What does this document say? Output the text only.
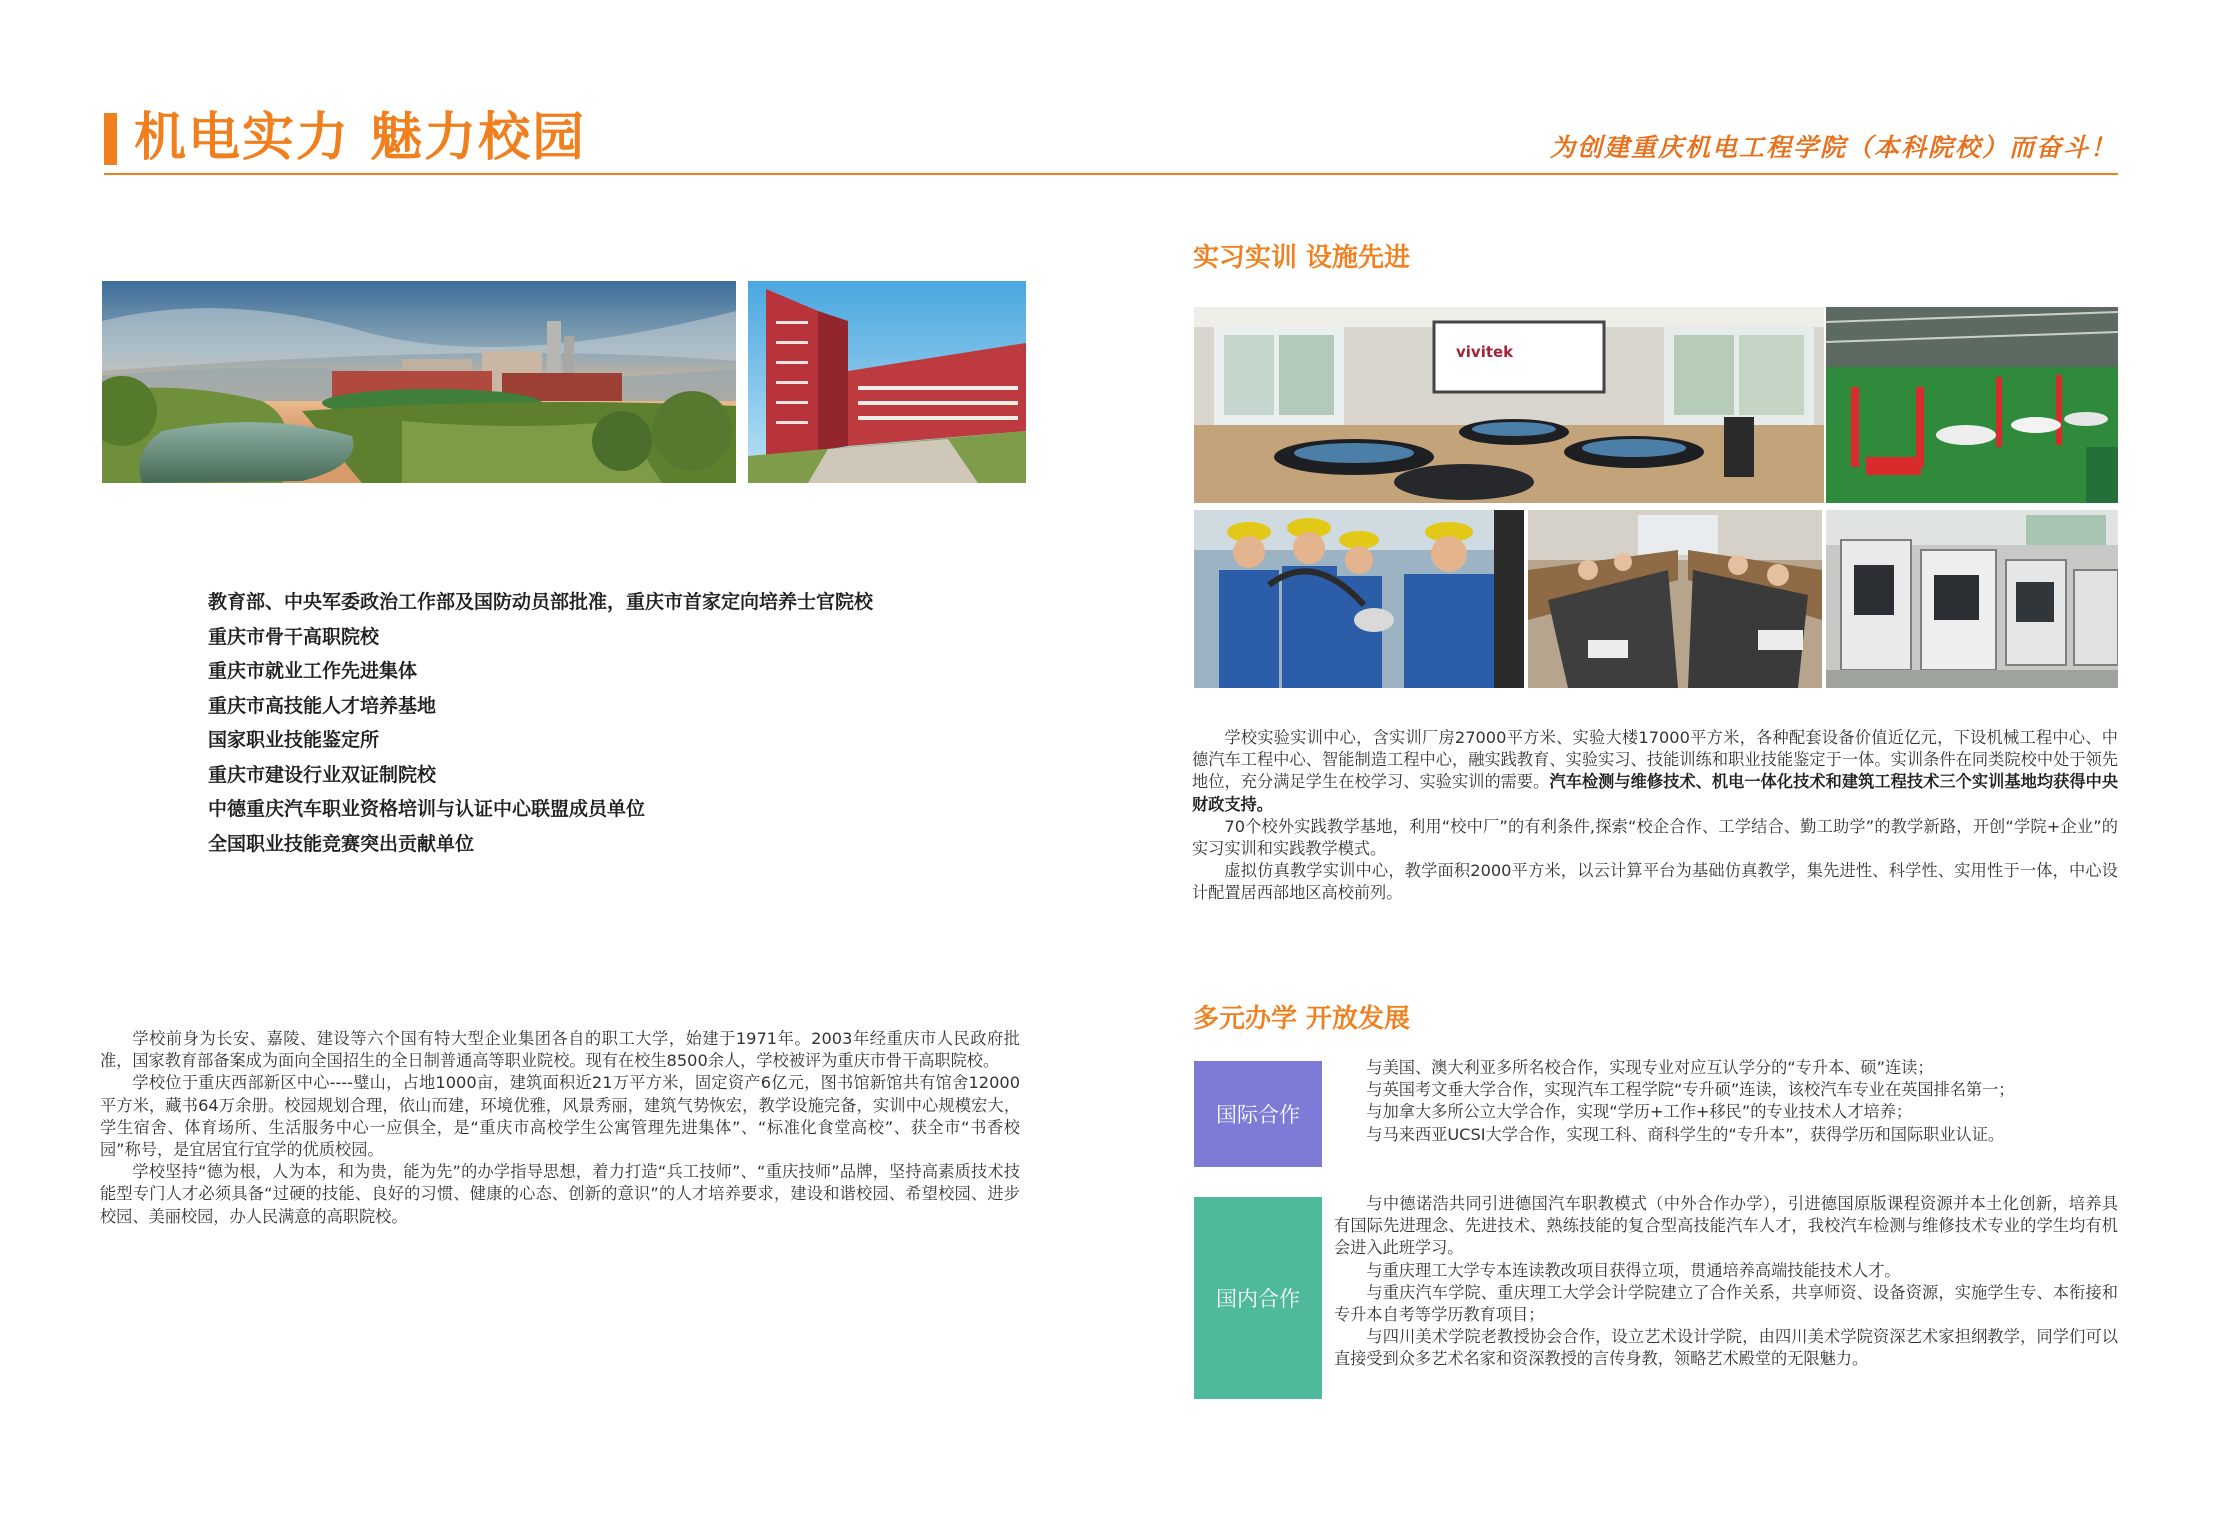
机电实力 魅力校园	为创建重庆机电工程学院（本科院校）而奋斗！
教育部、中央军委政治工作部及国防动员部批准，重庆市首家定向培养士官院校
重庆市骨干高职院校
重庆市就业工作先进集体
重庆市高技能人才培养基地
国家职业技能鉴定所
重庆市建设行业双证制院校
中德重庆汽车职业资格培训与认证中心联盟成员单位
全国职业技能竞赛突出贡献单位

学校前身为长安、嘉陵、建设等六个国有特大型企业集团各自的职工大学，始建于1971年。2003年经重庆市人民政府批准，国家教育部备案成为面向全国招生的全日制普通高等职业院校。现有在校生8500余人，学校被评为重庆市骨干高职院校。

学校位于重庆西部新区中心----璧山，占地1000亩，建筑面积近21万平方米，固定资产6亿元，图书馆新馆共有馆舍12000平方米，藏书64万余册。校园规划合理，依山而建，环境优雅，风景秀丽，建筑气势恢宏，教学设施完备，实训中心规模宏大，学生宿舍、体育场所、生活服务中心一应俱全，是“重庆市高校学生公寓管理先进集体”、“标准化食堂高校”、获全市“书香校园”称号，是宜居宜行宜学的优质校园。

学校坚持“德为根，人为本，和为贵，能为先”的办学指导思想，着力打造“兵工技师”、“重庆技师”品牌，坚持高素质技术技能型专门人才必须具备“过硬的技能、良好的习惯、健康的心态、创新的意识”的人才培养要求，建设和谐校园、希望校园、进步校园、美丽校园，办人民满意的高职院校。

实习实训 设施先进
vivitek

学校实验实训中心，含实训厂房27000平方米、实验大楼17000平方米，各种配套设备价值近亿元，下设机械工程中心、中德汽车工程中心、智能制造工程中心，融实践教育、实验实习、技能训练和职业技能鉴定于一体。实训条件在同类院校中处于领先地位，充分满足学生在校学习、实验实训的需要。汽车检测与维修技术、机电一体化技术和建筑工程技术三个实训基地均获得中央财政支持。

70个校外实践教学基地，利用“校中厂”的有利条件,探索“校企合作、工学结合、勤工助学”的教学新路，开创“学院+企业”的实习实训和实践教学模式。

虚拟仿真教学实训中心，教学面积2000平方米，以云计算平台为基础仿真教学，集先进性、科学性、实用性于一体，中心设计配置居西部地区高校前列。

多元办学 开放发展
国际合作

与美国、澳大利亚多所名校合作，实现专业对应互认学分的“专升本、硕”连读；

与英国考文垂大学合作，实现汽车工程学院“专升硕”连读，该校汽车专业在英国排名第一；

与加拿大多所公立大学合作，实现“学历+工作+移民”的专业技术人才培养；

与马来西亚UCSI大学合作，实现工科、商科学生的“专升本”，获得学历和国际职业认证。

国内合作

与中德诺浩共同引进德国汽车职教模式（中外合作办学），引进德国原版课程资源并本土化创新，培养具有国际先进理念、先进技术、熟练技能的复合型高技能汽车人才，我校汽车检测与维修技术专业的学生均有机会进入此班学习。

与重庆理工大学专本连读教改项目获得立项，贯通培养高端技能技术人才。

与重庆汽车学院、重庆理工大学会计学院建立了合作关系，共享师资、设备资源，实施学生专、本衔接和专升本自考等学历教育项目；

与四川美术学院老教授协会合作，设立艺术设计学院，由四川美术学院资深艺术家担纲教学，同学们可以直接受到众多艺术名家和资深教授的言传身教，领略艺术殿堂的无限魅力。
